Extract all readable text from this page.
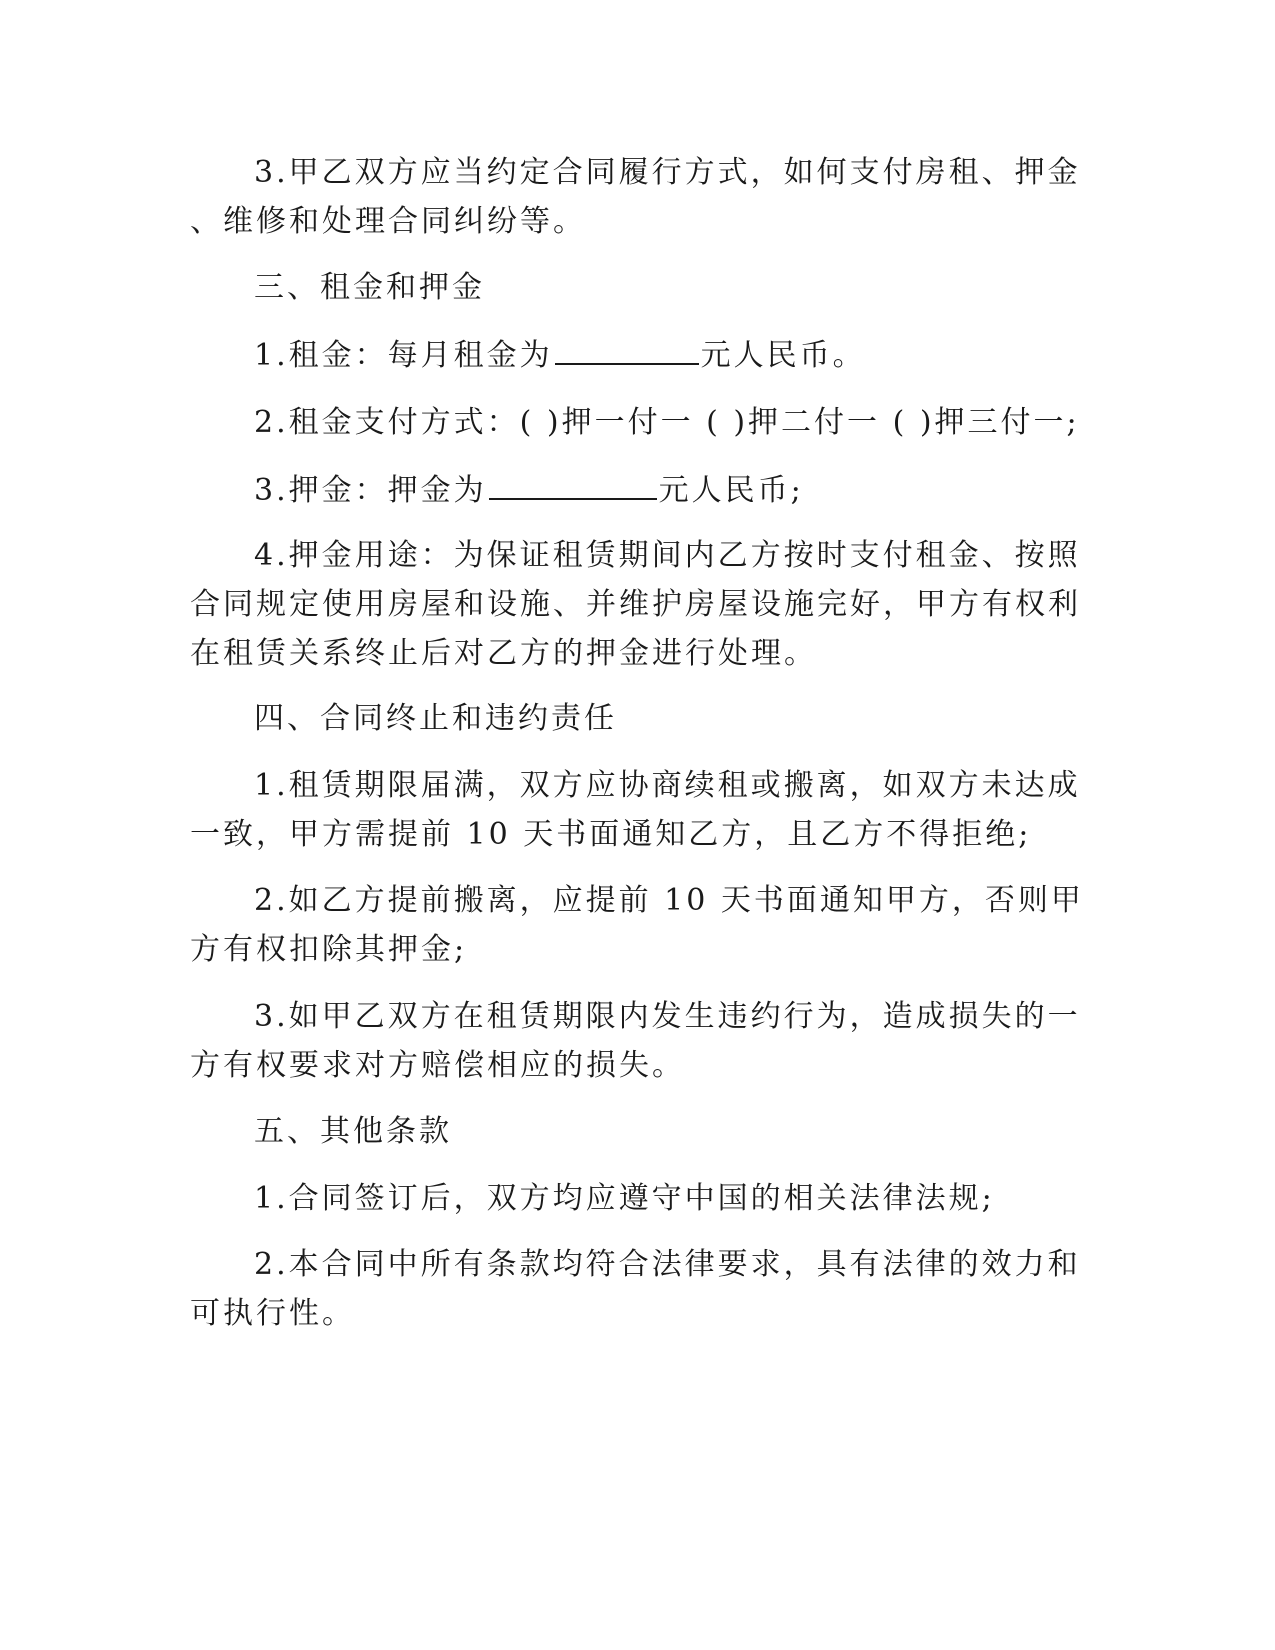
3.甲乙双方应当约定合同履行方式，如何支付房租、押金
、维修和处理合同纠纷等。
三、租金和押金
1.租金：每月租金为	元人民币。
2.租金支付方式：( )押一付一 ( )押二付一 ( )押三付一;
3.押金：押金为	元人民币;
4.押金用途：为保证租赁期间内乙方按时支付租金、按照
合同规定使用房屋和设施、并维护房屋设施完好，甲方有权利
在租赁关系终止后对乙方的押金进行处理。
四、合同终止和违约责任
1.租赁期限届满，双方应协商续租或搬离，如双方未达成
一致，甲方需提前 10 天书面通知乙方，且乙方不得拒绝;
2.如乙方提前搬离，应提前 10 天书面通知甲方，否则甲
方有权扣除其押金;
3.如甲乙双方在租赁期限内发生违约行为，造成损失的一
方有权要求对方赔偿相应的损失。
五、其他条款
1.合同签订后，双方均应遵守中国的相关法律法规;
2.本合同中所有条款均符合法律要求，具有法律的效力和
可执行性。
